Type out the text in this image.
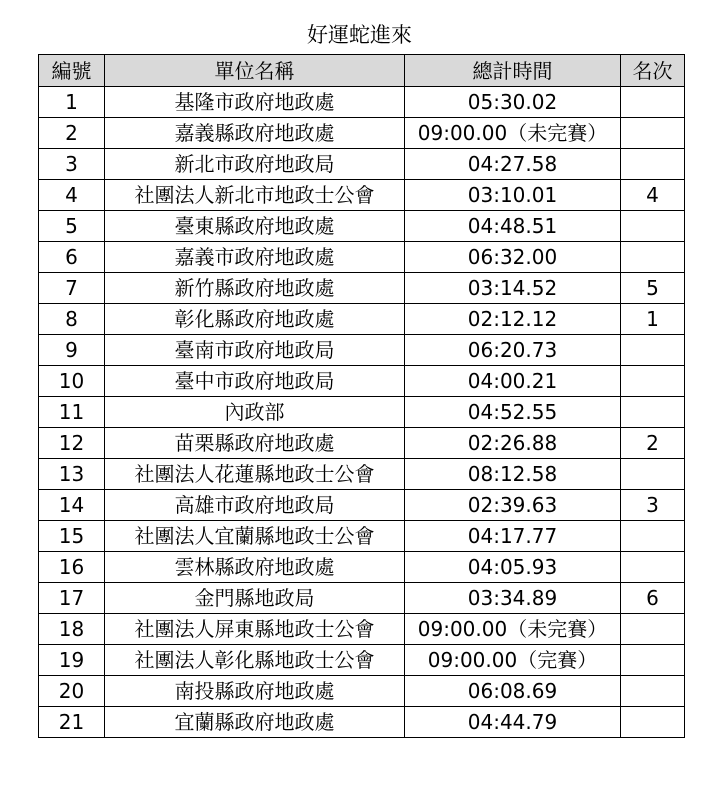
好運蛇進來
編號	單位名稱	總計時間	名次
1	基隆市政府地政處	05:30.02	
2	嘉義縣政府地政處	09:00.00（未完賽）	
3	新北市政府地政局	04:27.58	
4	社團法人新北市地政士公會	03:10.01	4
5	臺東縣政府地政處	04:48.51	
6	嘉義市政府地政處	06:32.00	
7	新竹縣政府地政處	03:14.52	5
8	彰化縣政府地政處	02:12.12	1
9	臺南市政府地政局	06:20.73	
10	臺中市政府地政局	04:00.21	
11	內政部	04:52.55	
12	苗栗縣政府地政處	02:26.88	2
13	社團法人花蓮縣地政士公會	08:12.58	
14	高雄市政府地政局	02:39.63	3
15	社團法人宜蘭縣地政士公會	04:17.77	
16	雲林縣政府地政處	04:05.93	
17	金門縣地政局	03:34.89	6
18	社團法人屏東縣地政士公會	09:00.00（未完賽）	
19	社團法人彰化縣地政士公會	09:00.00（完賽）	
20	南投縣政府地政處	06:08.69	
21	宜蘭縣政府地政處	04:44.79	
